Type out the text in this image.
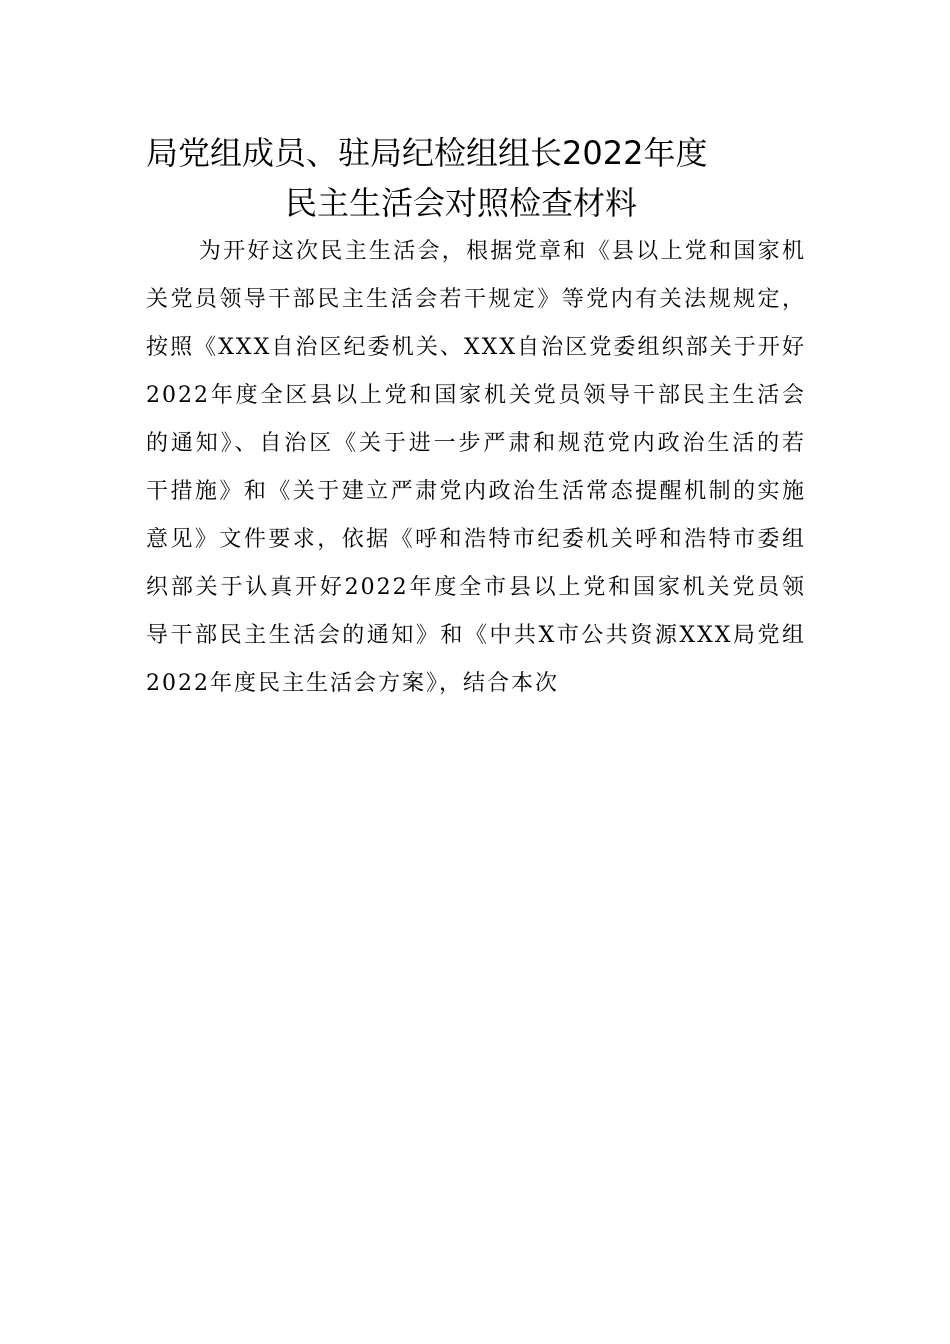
局党组成员、驻局纪检组组长2022年度
民主生活会对照检查材料

为开好这次民主生活会，根据党章和《县以上党和国家机关党员领导干部民主生活会若干规定》等党内有关法规规定，按照《XXX自治区纪委机关、XXX自治区党委组织部关于开好2022年度全区县以上党和国家机关党员领导干部民主生活会的通知》、自治区《关于进一步严肃和规范党内政治生活的若干措施》和《关于建立严肃党内政治生活常态提醒机制的实施意见》文件要求，依据《呼和浩特市纪委机关呼和浩特市委组织部关于认真开好2022年度全市县以上党和国家机关党员领导干部民主生活会的通知》和《中共X市公共资源XXX局党组2022年度民主生活会方案》，结合本次
